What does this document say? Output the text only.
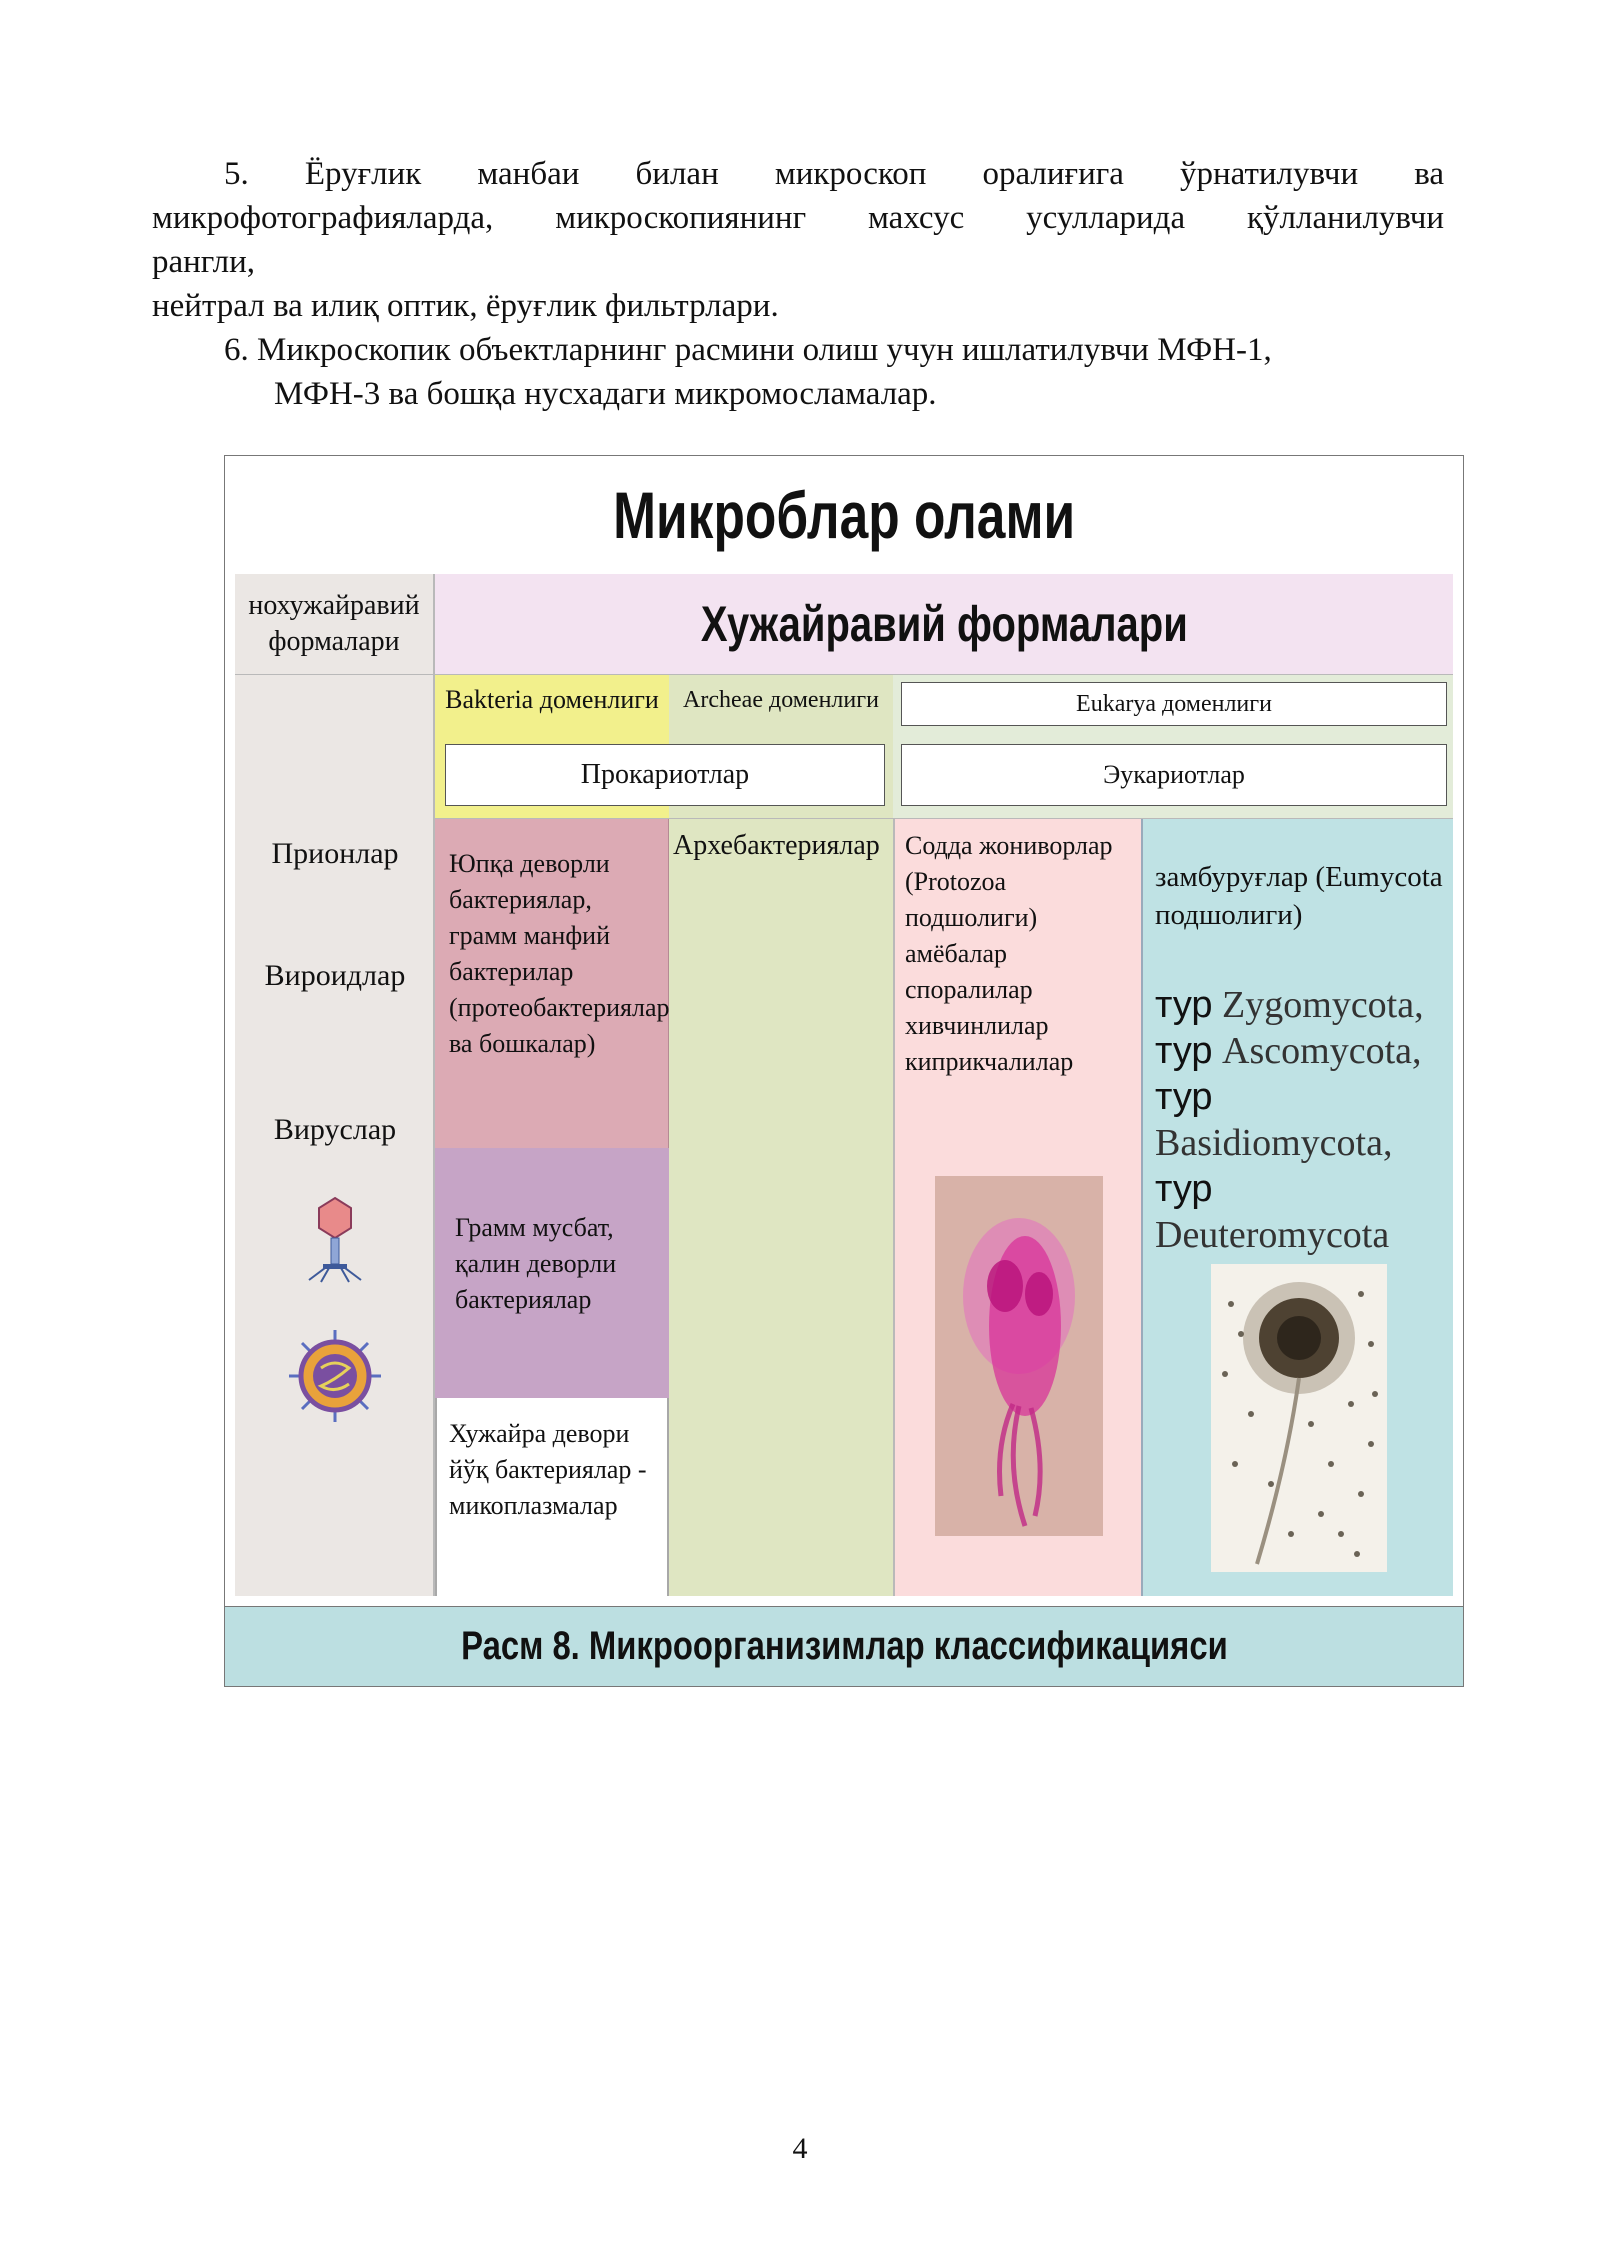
5. Ёруғлик манбаи билан микроскоп оралиғига ўрнатилувчи ва
микрофотографияларда, микроскопиянинг махсус усулларида қўлланилувчи
рангли,
нейтрал ва илиқ оптик, ёруғлик фильтрлари.
6. Микроскопик объектларнинг расмини олиш учун ишлатилувчи МФН-1,
МФН-3 ва бошқа нусхадаги микромосламалар.
Микроблар олами
нохужайравий формалари	Хужайравий формалари
Прионлар
Вироидлар
Вируслар
Bakteria доменлиги	Archeae доменлиги
Прокариотлар
Eukarya доменлиги
Эукариотлар
Юпқа деворли бактериялар, грамм манфий бактерилар (протеобактериялар ва бошкалар)
Грамм мусбат, қалин деворли бактериялар
Хужайра девори йўқ бактериялар - микоплазмалар
Архебактериялар Содда жониворлар
(Protozoa подшолиги)
амёбалар
споралилар
хивчинлилар
киприкчалилар
замбуруғлар (Eumycota
подшолиги)
тур Zygomycota,
тур Ascomycota,
тур Basidiomycota,
тур Deuteromycota
Расм 8. Микроорганизимлар классификацияси
4
